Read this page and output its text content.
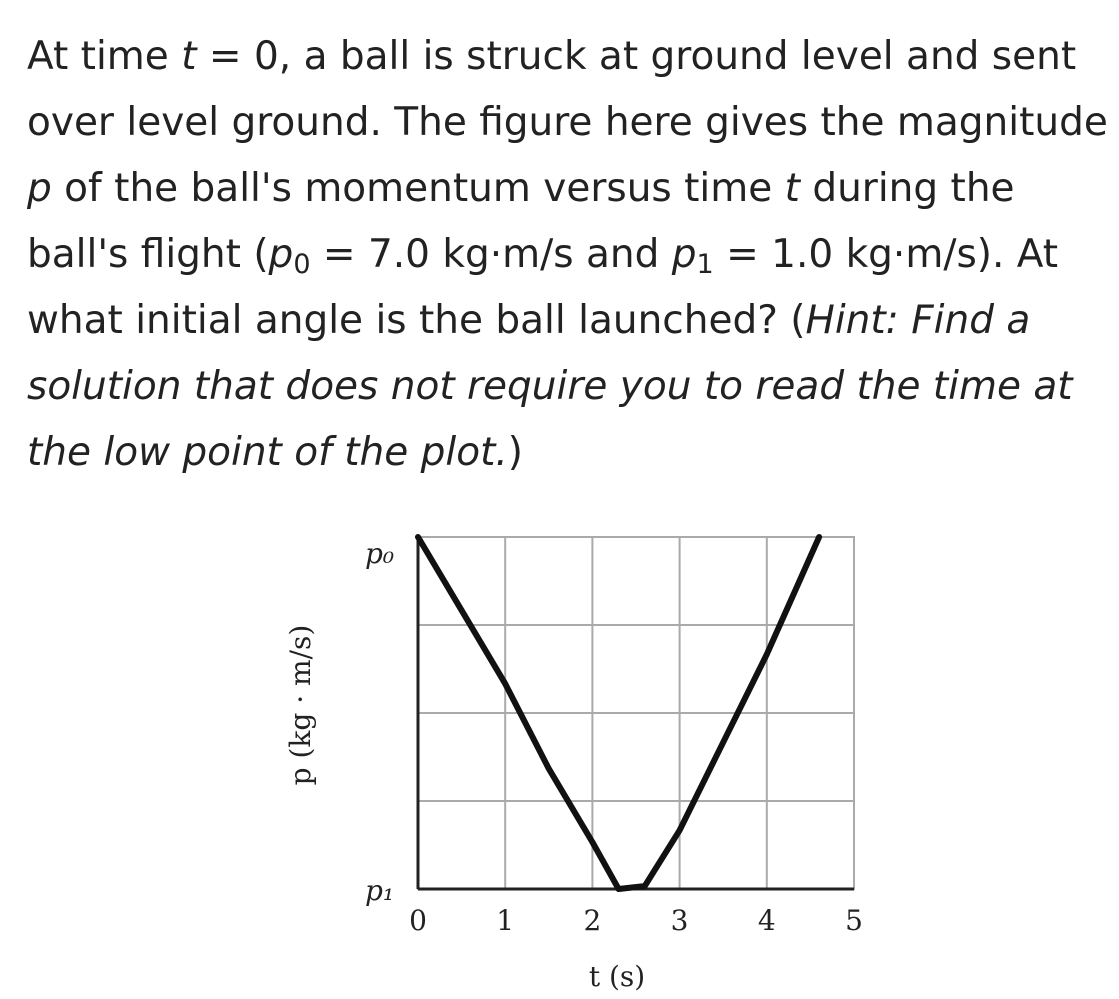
At time t = 0, a ball is struck at ground level and sent over level ground. The figure here gives the magnitude p of the ball's momentum versus time t during the ball's flight ($p_0 = 7.0$ kg·m/s and $p_1 = 1.0$ kg·m/s). At what initial angle is the ball launched? (Hint: Find a solution that does not require you to read the time at the low point of the plot.)

0 1 2 3 4 5
p₀
p₁
t (s)
p (kg · m/s)
